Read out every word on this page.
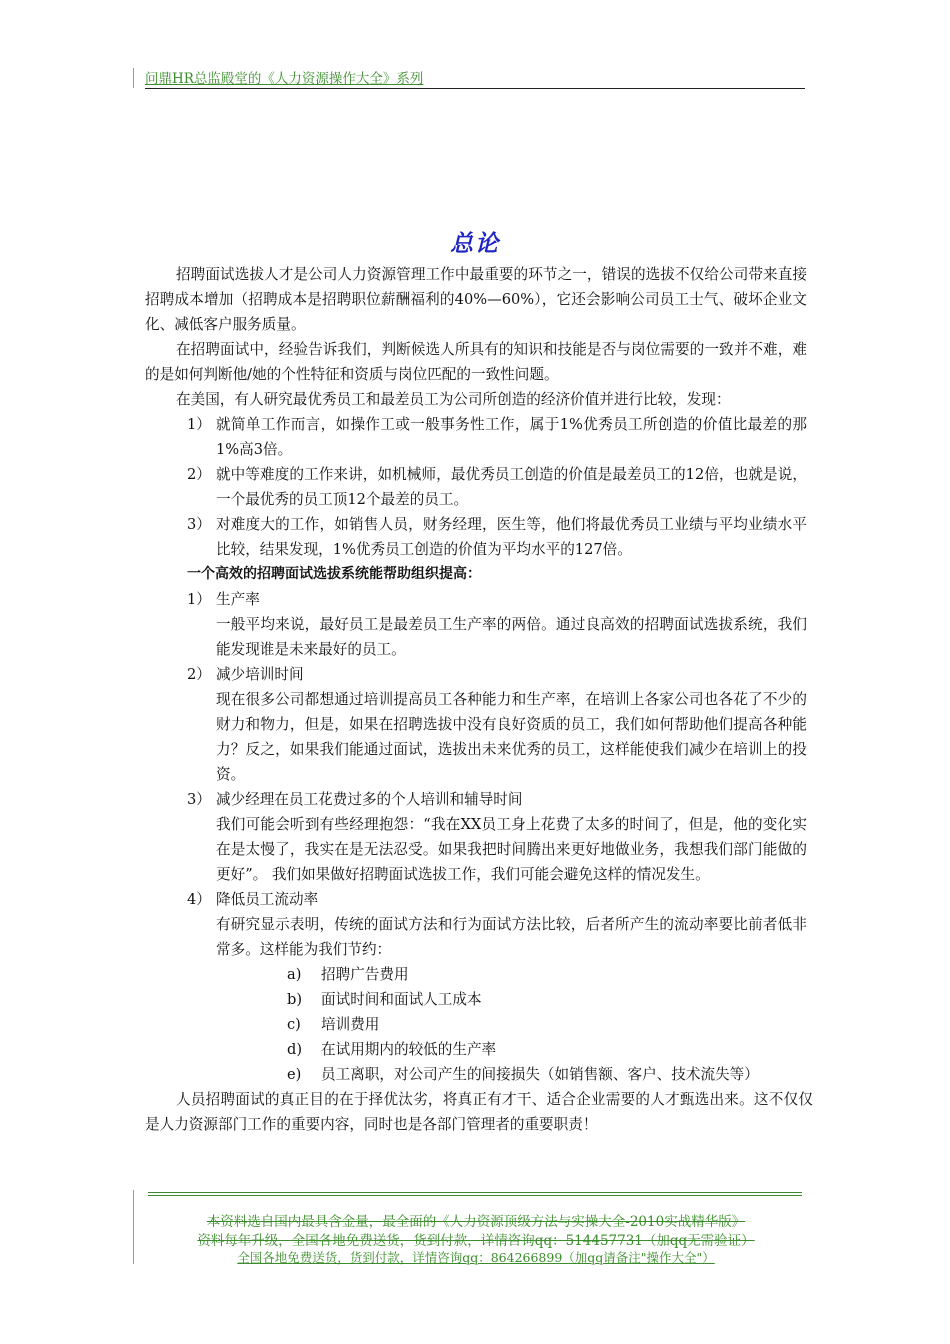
问鼎HR总监殿堂的《人力资源操作大全》系列
总论

招聘面试选拔人才是公司人力资源管理工作中最重要的环节之一，错误的选拔不仅给公司带来直接招聘成本增加（招聘成本是招聘职位薪酬福利的40%—60%），它还会影响公司员工士气、破坏企业文化、减低客户服务质量。

在招聘面试中，经验告诉我们，判断候选人所具有的知识和技能是否与岗位需要的一致并不难，难的是如何判断他/她的个性特征和资质与岗位匹配的一致性问题。

在美国，有人研究最优秀员工和最差员工为公司所创造的经济价值并进行比较，发现：

1） 就简单工作而言，如操作工或一般事务性工作，属于1%优秀员工所创造的价值比最差的那1%高3倍。
2） 就中等难度的工作来讲，如机械师，最优秀员工创造的价值是最差员工的12倍，也就是说，一个最优秀的员工顶12个最差的员工。
3） 对难度大的工作，如销售人员，财务经理，医生等，他们将最优秀员工业绩与平均业绩水平比较，结果发现，1%优秀员工创造的价值为平均水平的127倍。

一个高效的招聘面试选拔系统能帮助组织提高：

1） 生产率

一般平均来说，最好员工是最差员工生产率的两倍。通过良高效的招聘面试选拔系统，我们能发现谁是未来最好的员工。

2） 减少培训时间

现在很多公司都想通过培训提高员工各种能力和生产率，在培训上各家公司也各花了不少的财力和物力，但是，如果在招聘选拔中没有良好资质的员工，我们如何帮助他们提高各种能力？反之，如果我们能通过面试，选拔出未来优秀的员工，这样能使我们减少在培训上的投资。

3） 减少经理在员工花费过多的个人培训和辅导时间

我们可能会听到有些经理抱怨：“我在XX员工身上花费了太多的时间了，但是，他的变化实在是太慢了，我实在是无法忍受。如果我把时间腾出来更好地做业务，我想我们部门能做的更好”。 我们如果做好招聘面试选拔工作，我们可能会避免这样的情况发生。

4） 降低员工流动率

有研究显示表明，传统的面试方法和行为面试方法比较，后者所产生的流动率要比前者低非常多。这样能为我们节约：

a) 招聘广告费用
b) 面试时间和面试人工成本
c) 培训费用
d) 在试用期内的较低的生产率
e) 员工离职，对公司产生的间接损失（如销售额、客户、技术流失等）

人员招聘面试的真正目的在于择优汰劣，将真正有才干、适合企业需要的人才甄选出来。这不仅仅是人力资源部门工作的重要内容，同时也是各部门管理者的重要职责！

本资料选自国内最具含金量，最全面的《人力资源顶级方法与实操大全-2010实战精华版》
资料每年升级，全国各地免费送货，货到付款，详情咨询qq：514457731（加qq无需验证）
全国各地免费送货，货到付款，详情咨询qq：864266899（加qq请备注"操作大全"）
